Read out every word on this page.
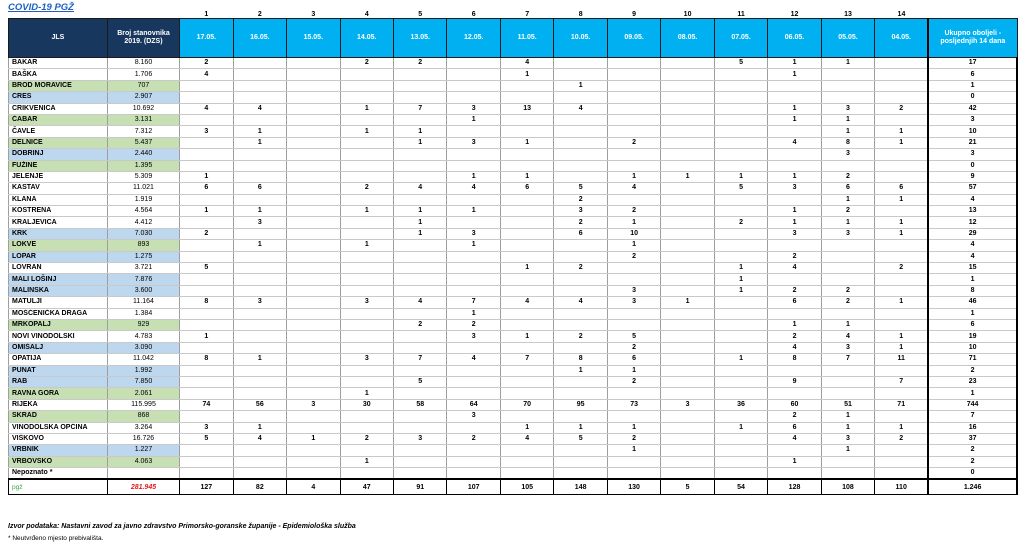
COVID-19 PGŽ
		1	2	3	4	5	6	7	8	9	10	11	12	13	14	
JLS	Broj stanovnika 2019. (DZS)	17.05.	16.05.	15.05.	14.05.	13.05.	12.05.	11.05.	10.05.	09.05.	08.05.	07.05.	06.05.	05.05.	04.05.	Ukupno oboljeli - posljednjih 14 dana
BAKAR	8.160	2			2	2		4				5	1	1		17
BAŠKA	1.706	4						1					1			6
BROD MORAVICE	707								1							1
CRES	2.907															0
CRIKVENICA	10.692	4	4		1	7	3	13	4				1	3	2	42
ČABAR	3.131						1						1	1		3
ČAVLE	7.312	3	1		1	1								1	1	10
DELNICE	5.437		1			1	3	1		2			4	8	1	21
DOBRINJ	2.440													3		3
FUŽINE	1.395															0
JELENJE	5.309	1					1	1		1	1	1	1	2		9
KASTAV	11.021	6	6		2	4	4	6	5	4		5	3	6	6	57
KLANA	1.919								2					1	1	4
KOSTRENA	4.564	1	1		1	1	1		3	2			1	2		13
KRALJEVICA	4.412		3			1			2	1		2	1	1	1	12
KRK	7.030	2				1	3		6	10			3	3	1	29
LOKVE	893		1		1		1			1						4
LOPAR	1.275									2			2			4
LOVRAN	3.721	5						1	2			1	4		2	15
MALI LOŠINJ	7.876											1				1
MALINSKA	3.600									3		1	2	2		8
MATULJI	11.164	8	3		3	4	7	4	4	3	1		6	2	1	46
MOŠĆENIČKA DRAGA	1.384						1									1
MRKOPALJ	929					2	2						1	1		6
NOVI VINODOLSKI	4.783	1					3	1	2	5			2	4	1	19
OMIŠALJ	3.090									2			4	3	1	10
OPATIJA	11.042	8	1		3	7	4	7	8	6		1	8	7	11	71
PUNAT	1.992								1	1						2
RAB	7.850					5				2			9		7	23
RAVNA GORA	2.061				1											1
RIJEKA	115.995	74	56	3	30	58	64	70	95	73	3	36	60	51	71	744
SKRAD	868						3						2	1		7
VINODOLSKA OPĆINA	3.264	3	1					1	1	1		1	6	1	1	16
VIŠKOVO	16.726	5	4	1	2	3	2	4	5	2			4	3	2	37
VRBNIK	1.227									1				1		2
VRBOVSKO	4.063				1								1			2
Nepoznato *																0
pgž	281.945	127	82	4	47	91	107	105	148	130	5	54	128	108	110	1.246
Izvor podataka: Nastavni zavod za javno zdravstvo Primorsko-goranske županije - Epidemiološka služba
* Neutvrđeno mjesto prebivališta.
